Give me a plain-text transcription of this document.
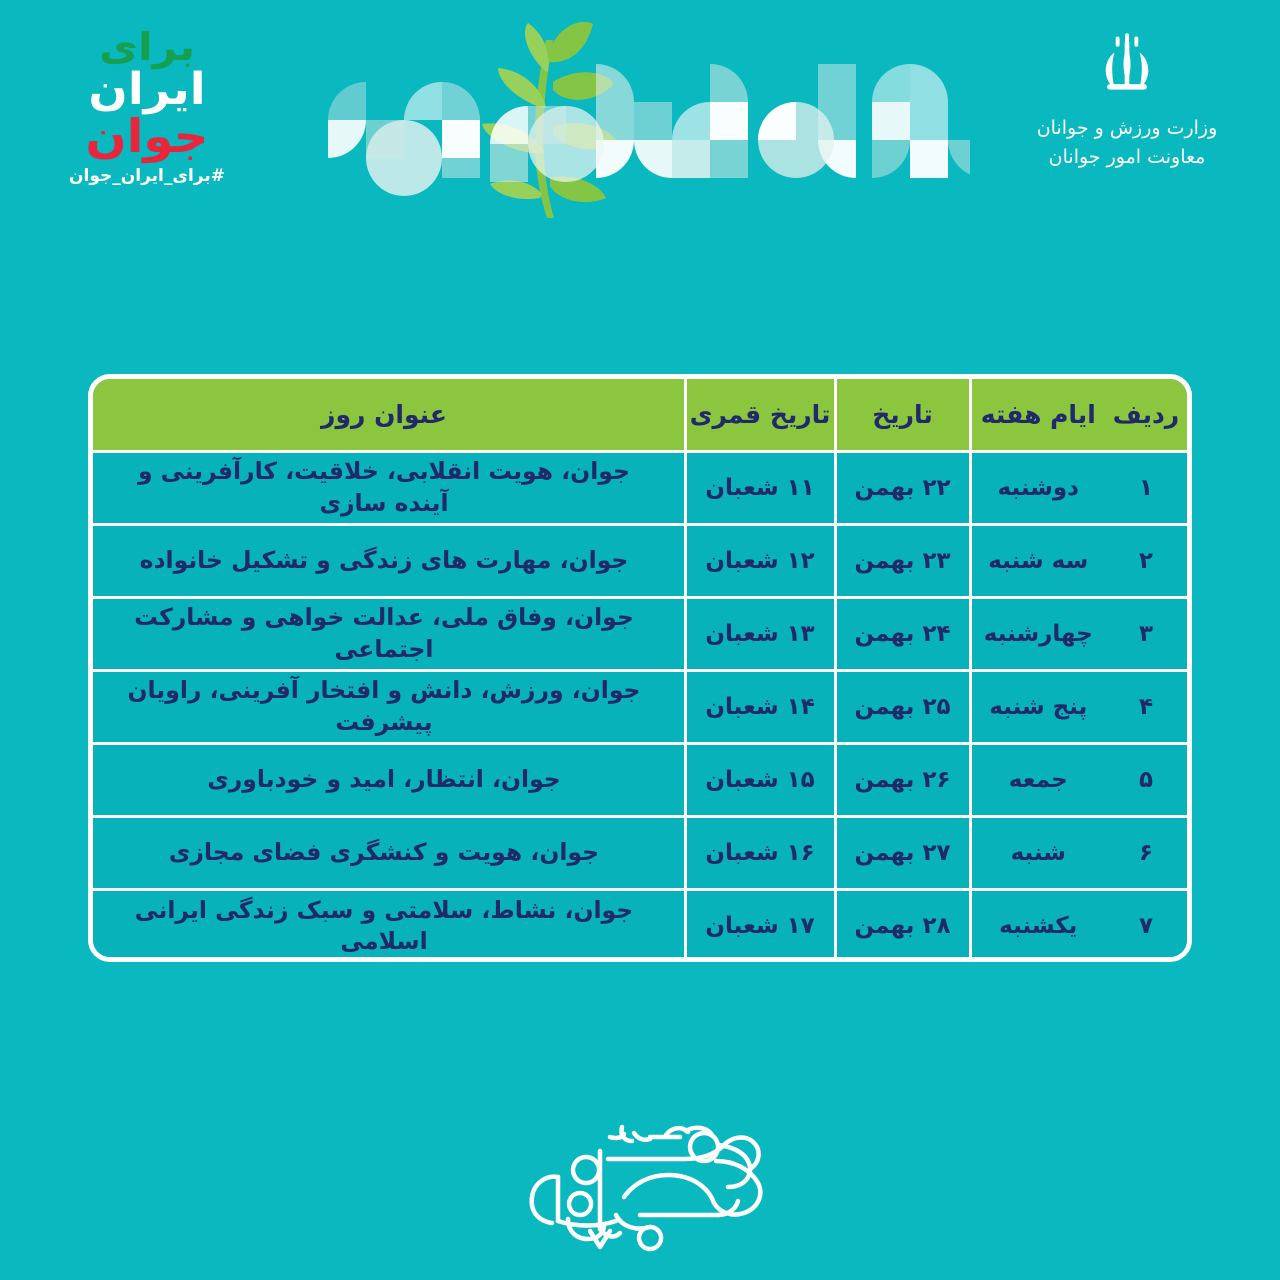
برای
ایران
جوان
#برای_ایران_جوان
وزارت ورزش و جوانان
معاونت امور جوانان
ردیف	ایام هفته	تاریخ	تاریخ قمری	عنوان روز
۱	دوشنبه	۲۲ بهمن	۱۱ شعبان	جوان، هویت انقلابی، خلاقیت، کارآفرینی و آینده سازی
۲	سه شنبه	۲۳ بهمن	۱۲ شعبان	جوان، مهارت های زندگی و تشکیل خانواده
۳	چهارشنبه	۲۴ بهمن	۱۳ شعبان	جوان، وفاق ملی، عدالت خواهی و مشارکت اجتماعی
۴	پنج شنبه	۲۵ بهمن	۱۴ شعبان	جوان، ورزش، دانش و افتخار آفرینی، راویان پیشرفت
۵	جمعه	۲۶ بهمن	۱۵ شعبان	جوان، انتظار، امید و خودباوری
۶	شنبه	۲۷ بهمن	۱۶ شعبان	جوان، هویت و کنشگری فضای مجازی
۷	یکشنبه	۲۸ بهمن	۱۷ شعبان	جوان، نشاط، سلامتی و سبک زندگی ایرانی اسلامی
